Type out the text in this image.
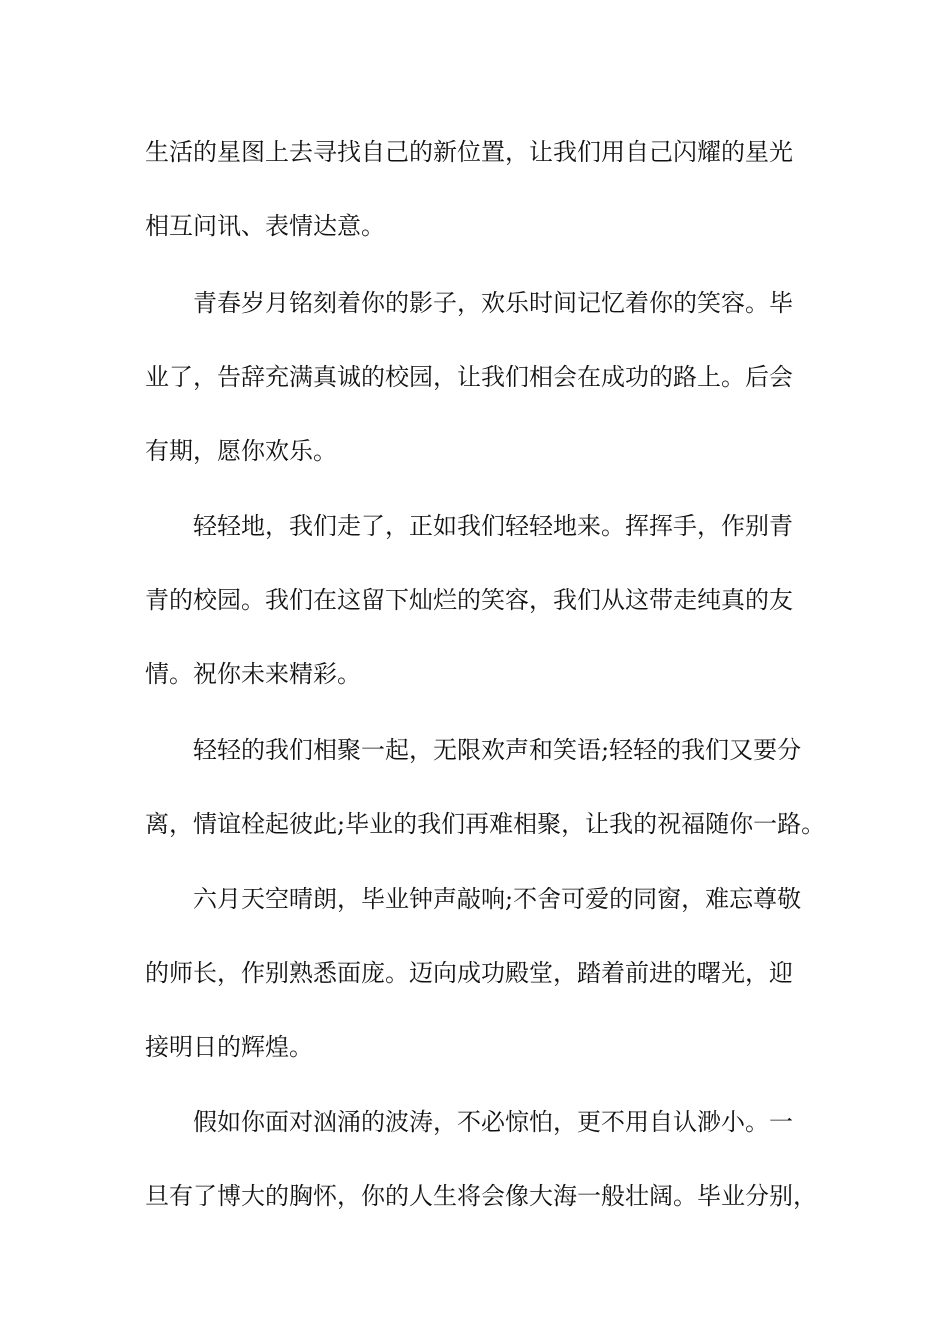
生活的星图上去寻找自己的新位置，让我们用自己闪耀的星光
相互问讯、表情达意。
青春岁月铭刻着你的影子，欢乐时间记忆着你的笑容。毕
业了，告辞充满真诚的校园，让我们相会在成功的路上。后会
有期，愿你欢乐。
轻轻地，我们走了，正如我们轻轻地来。挥挥手，作别青
青的校园。我们在这留下灿烂的笑容，我们从这带走纯真的友
情。祝你未来精彩。
轻轻的我们相聚一起，无限欢声和笑语;轻轻的我们又要分
离，情谊栓起彼此;毕业的我们再难相聚，让我的祝福随你一路。
六月天空晴朗，毕业钟声敲响;不舍可爱的同窗，难忘尊敬
的师长，作别熟悉面庞。迈向成功殿堂，踏着前进的曙光，迎
接明日的辉煌。
假如你面对汹涌的波涛，不必惊怕，更不用自认渺小。一
旦有了博大的胸怀，你的人生将会像大海一般壮阔。毕业分别，
